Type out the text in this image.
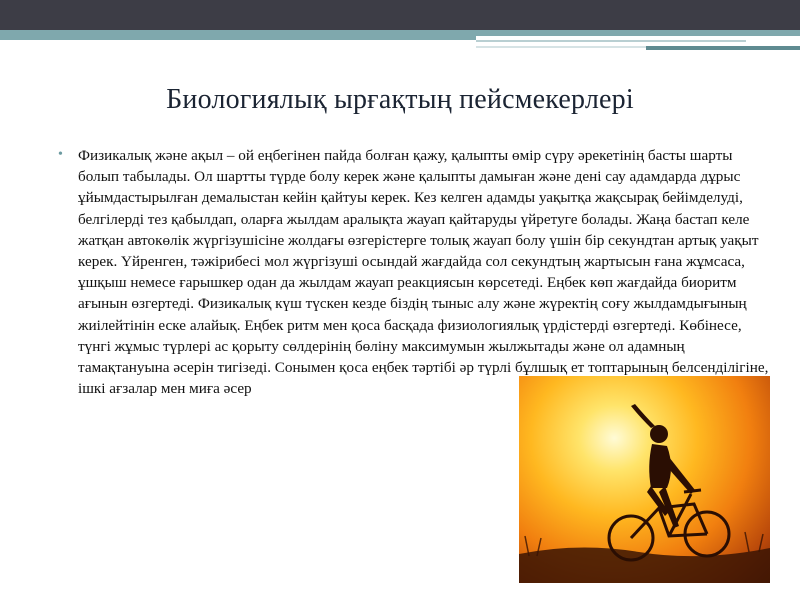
Биологиялық ырғақтың пейсмекерлері
• Физикалық және ақыл – ой еңбегінен пайда болған қажу, қалыпты өмір сүру әрекетінің басты шарты болып табылады. Ол шартты түрде болу керек және қалыпты дамыған және дені сау адамдарда дұрыс ұйымдастырылған демалыстан кейін қайтуы керек. Кез келген адамды уақытқа жақсырақ бейімделуді, белгілерді тез қабылдап, оларға жылдам аралықта жауап қайтаруды үйретуге болады. Жаңа бастап келе жатқан автокөлік жүргізушісіне жолдағы өзгерістерге толық жауап болу үшін бір секундтан артық уақыт керек. Үйренген, тәжірибесі мол жүргізуші осындай жағдайда сол секундтың жартысын ғана жұмсаса, ұшқыш немесе ғарышкер одан да жылдам жауап реакциясын көрсетеді. Еңбек көп жағдайда биоритм ағынын өзгертеді. Физикалық күш түскен кезде біздің тыныс алу және жүректің соғу жылдамдығының жиілейтінін еске алайық. Еңбек ритм мен қоса басқада физиологиялық үрдістерді өзгертеді. Көбінесе, түнгі жұмыс түрлері ас қорыту сөлдерінің бөліну максимумын жылжытады және ол адамның тамақтануына әсерін тигізеді. Сонымен қоса еңбек тәртібі әр түрлі бұлшық ет топтарының белсенділігіне, ішкі ағзалар мен миға әсер
